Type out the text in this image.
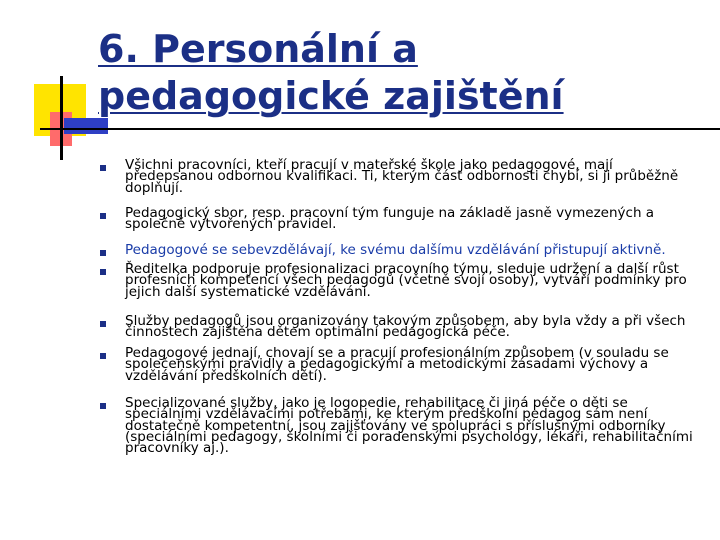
6. Personální a
pedagogické zajištění
Všichni pracovníci, kteří pracují v mateřské škole jako pedagogové, mají předepsanou odbornou kvalifikaci. Ti, kterým část odbornosti chybí, si ji průběžně doplňují.
Pedagogický sbor, resp. pracovní tým funguje na základě jasně vymezených a společně vytvořených pravidel.
Pedagogové se sebevzdělávají, ke svému dalšímu vzdělávání přistupují aktivně.
Ředitelka podporuje profesionalizaci pracovního týmu, sleduje udržení a další růst profesních kompetencí všech pedagogů (včetně svojí osoby), vytváří podmínky pro jejich další systematické vzdělávání.
Služby pedagogů jsou organizovány takovým způsobem, aby byla vždy a při všech činnostech zajištěna dětem optimální pedagogická péče.
Pedagogové jednají, chovají se a pracují profesionálním způsobem (v souladu se společenskými pravidly a pedagogickými a metodickými zásadami výchovy a vzdělávání předškolních dětí).
Specializované služby, jako je logopedie, rehabilitace či jiná péče o děti se speciálními vzdělávacími potřebami, ke kterým předškolní pedagog sám není dostatečně kompetentní, jsou zajišťovány ve spolupráci s příslušnými odborníky (speciálními pedagogy, školními či poradenskými psychology, lékaři, rehabilitačními pracovníky aj.).
